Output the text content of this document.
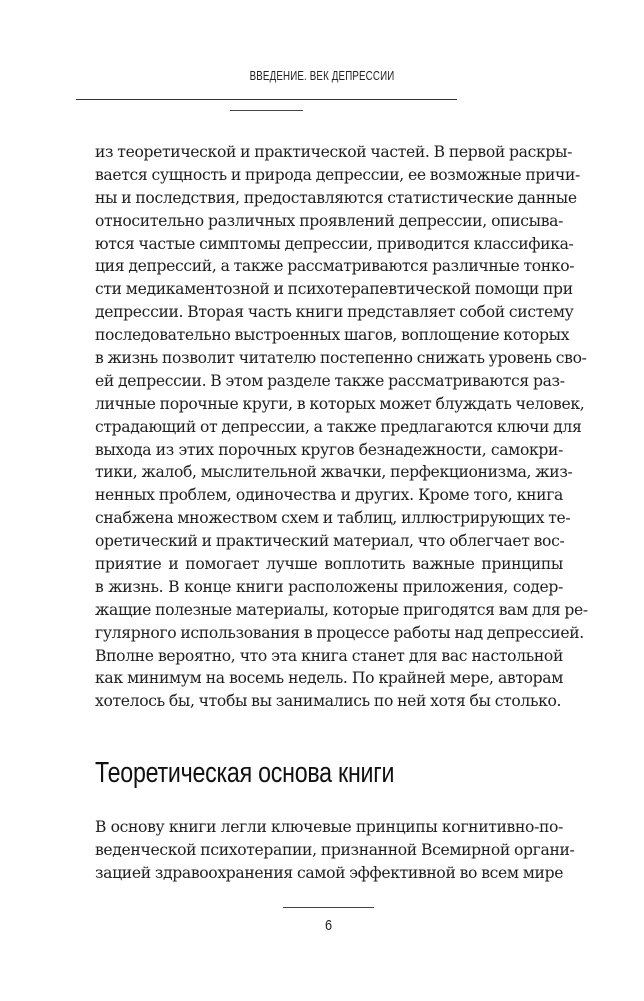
ВВЕДЕНИЕ. ВЕК ДЕПРЕССИИ
из теоретической и практической частей. В первой раскры-
вается сущность и природа депрессии, ее возможные причи-
ны и последствия, предоставляются статистические данные
относительно различных проявлений депрессии, описыва-
ются частые симптомы депрессии, приводится классифика-
ция депрессий, а также рассматриваются различные тонко-
сти медикаментозной и психотерапевтической помощи при
депрессии. Вторая часть книги представляет собой систему
последовательно выстроенных шагов, воплощение которых
в жизнь позволит читателю постепенно снижать уровень сво-
ей депрессии. В этом разделе также рассматриваются раз-
личные порочные круги, в которых может блуждать человек,
страдающий от депрессии, а также предлагаются ключи для
выхода из этих порочных кругов безнадежности, самокри-
тики, жалоб, мыслительной жвачки, перфекционизма, жиз-
ненных проблем, одиночества и других. Кроме того, книга
снабжена множеством схем и таблиц, иллюстрирующих те-
оретический и практический материал, что облегчает вос-
приятие и помогает лучше воплотить важные принципы
в жизнь. В конце книги расположены приложения, содер-
жащие полезные материалы, которые пригодятся вам для ре-
гулярного использования в процессе работы над депрессией.
Вполне вероятно, что эта книга станет для вас настольной
как минимум на восемь недель. По крайней мере, авторам
хотелось бы, чтобы вы занимались по ней хотя бы столько.
Теоретическая основа книги
В основу книги легли ключевые принципы когнитивно-по-
веденческой психотерапии, признанной Всемирной органи-
зацией здравоохранения самой эффективной во всем мире
6
